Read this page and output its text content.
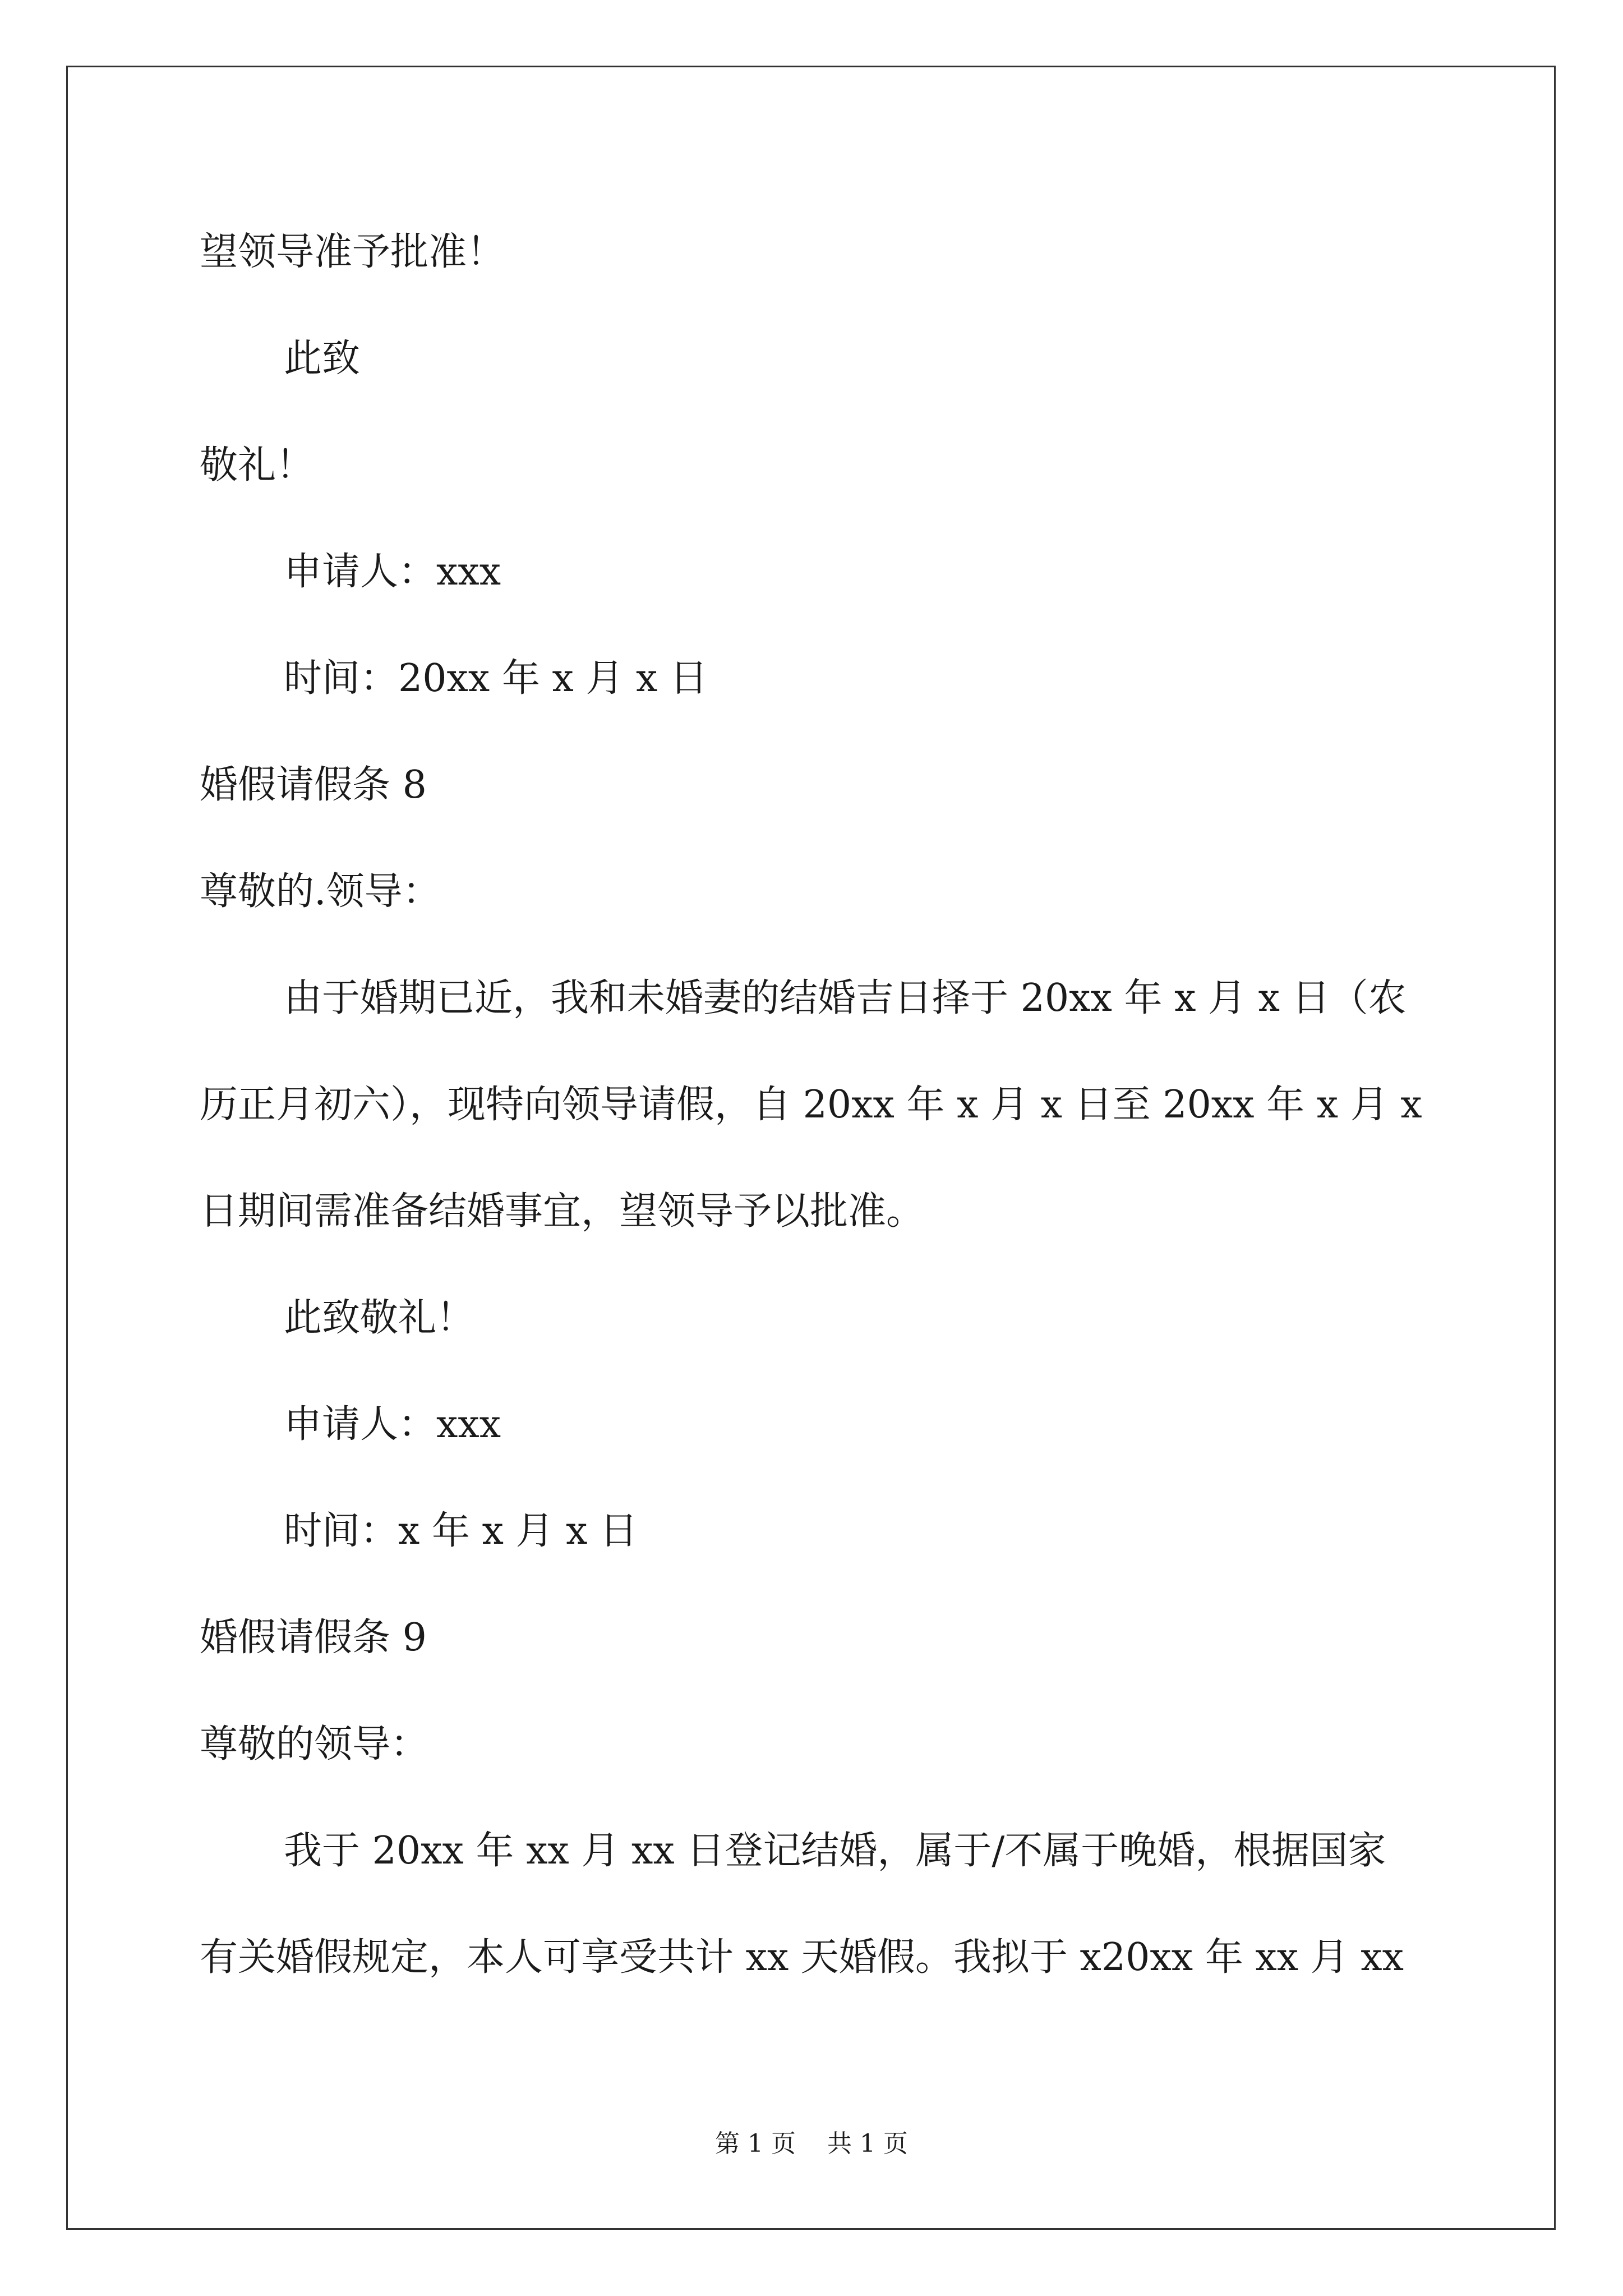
望领导准予批准！
此致
敬礼！
申请人：xxx
时间：20xx 年 x 月 x 日
婚假请假条 8
尊敬的.领导：
由于婚期已近，我和未婚妻的结婚吉日择于 20xx 年 x 月 x 日（农
历正月初六），现特向领导请假，自 20xx 年 x 月 x 日至 20xx 年 x 月 x
日期间需准备结婚事宜，望领导予以批准。
此致敬礼！
申请人：xxx
时间：x 年 x 月 x 日
婚假请假条 9
尊敬的领导：
我于 20xx 年 xx 月 xx 日登记结婚，属于/不属于晚婚，根据国家
有关婚假规定，本人可享受共计 xx 天婚假。我拟于 x20xx 年 xx 月 xx
第 1 页    共 1 页
